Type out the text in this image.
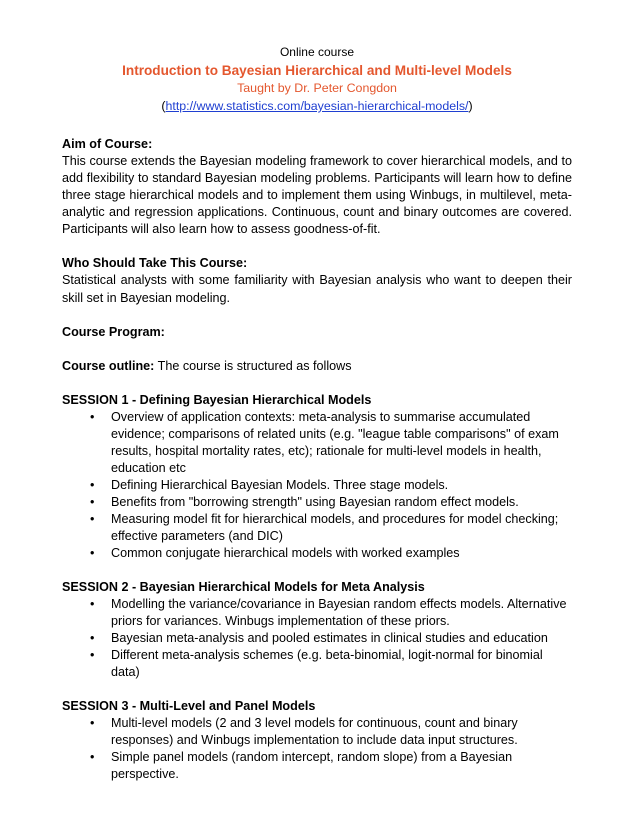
Online course
Introduction to Bayesian Hierarchical and Multi-level Models
Taught by Dr. Peter Congdon
(http://www.statistics.com/bayesian-hierarchical-models/)
Aim of Course:

This course extends the Bayesian modeling framework to cover hierarchical models, and to add flexibility to standard Bayesian modeling problems. Participants will learn how to define three stage hierarchical models and to implement them using Winbugs, in multilevel, meta-analytic and regression applications. Continuous, count and binary outcomes are covered. Participants will also learn how to assess goodness-of-fit.

Who Should Take This Course:

Statistical analysts with some familiarity with Bayesian analysis who want to deepen their skill set in Bayesian modeling.

Course Program:

Course outline: The course is structured as follows

SESSION 1 - Defining Bayesian Hierarchical Models
• Overview of application contexts: meta-analysis to summarise accumulated evidence; comparisons of related units (e.g. "league table comparisons" of exam results, hospital mortality rates, etc); rationale for multi-level models in health, education etc
• Defining Hierarchical Bayesian Models. Three stage models.
• Benefits from "borrowing strength" using Bayesian random effect models.
• Measuring model fit for hierarchical models, and procedures for model checking; effective parameters (and DIC)
• Common conjugate hierarchical models with worked examples
SESSION 2 - Bayesian Hierarchical Models for Meta Analysis
• Modelling the variance/covariance in Bayesian random effects models. Alternative priors for variances. Winbugs implementation of these priors.
• Bayesian meta-analysis and pooled estimates in clinical studies and education
• Different meta-analysis schemes (e.g. beta-binomial, logit-normal for binomial data)
SESSION 3 - Multi-Level and Panel Models
• Multi-level models (2 and 3 level models for continuous, count and binary responses) and Winbugs implementation to include data input structures.
• Simple panel models (random intercept, random slope) from a Bayesian perspective.
